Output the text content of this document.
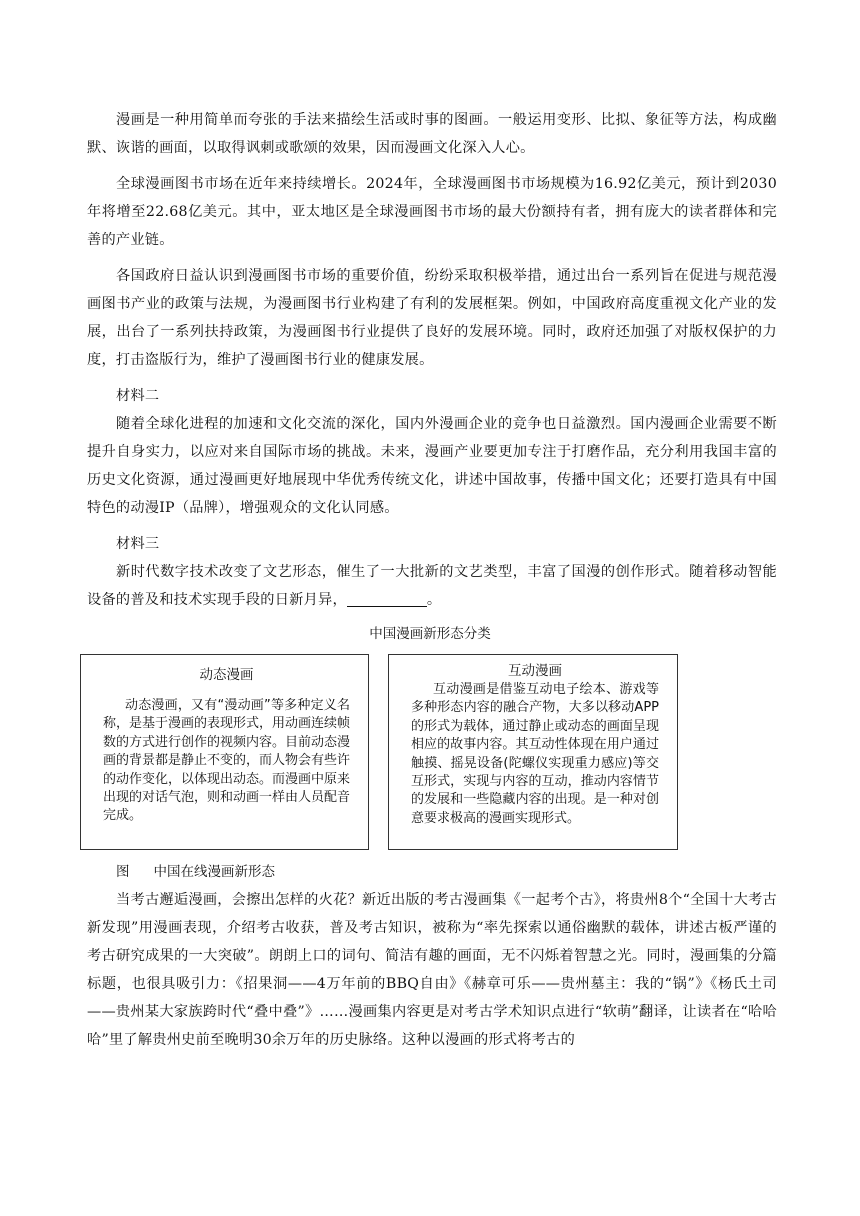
漫画是一种用简单而夸张的手法来描绘生活或时事的图画。一般运用变形、比拟、象征等方法，构成幽默、诙谐的画面，以取得讽刺或歌颂的效果，因而漫画文化深入人心。

全球漫画图书市场在近年来持续增长。2024年，全球漫画图书市场规模为16.92亿美元，预计到2030年将增至22.68亿美元。其中，亚太地区是全球漫画图书市场的最大份额持有者，拥有庞大的读者群体和完善的产业链。

各国政府日益认识到漫画图书市场的重要价值，纷纷采取积极举措，通过出台一系列旨在促进与规范漫画图书产业的政策与法规，为漫画图书行业构建了有利的发展框架。例如，中国政府高度重视文化产业的发展，出台了一系列扶持政策，为漫画图书行业提供了良好的发展环境。同时，政府还加强了对版权保护的力度，打击盗版行为，维护了漫画图书行业的健康发展。

材料二

随着全球化进程的加速和文化交流的深化，国内外漫画企业的竞争也日益激烈。国内漫画企业需要不断提升自身实力，以应对来自国际市场的挑战。未来，漫画产业要更加专注于打磨作品，充分利用我国丰富的历史文化资源，通过漫画更好地展现中华优秀传统文化，讲述中国故事，传播中国文化；还要打造具有中国特色的动漫IP（品牌），增强观众的文化认同感。

材料三

新时代数字技术改变了文艺形态，催生了一大批新的文艺类型，丰富了国漫的创作形式。随着移动智能设备的普及和技术实现手段的日新月异，	。

中国漫画新形态分类
动态漫画
动态漫画，又有“漫动画”等多种定义名称，是基于漫画的表现形式，用动画连续帧数的方式进行创作的视频内容。目前动态漫画的背景都是静止不变的，而人物会有些许的动作变化，以体现出动态。而漫画中原来出现的对话气泡，则和动画一样由人员配音完成。
互动漫画
互动漫画是借鉴互动电子绘本、游戏等多种形态内容的融合产物，大多以移动APP的形式为载体，通过静止或动态的画面呈现相应的故事内容。其互动性体现在用户通过触摸、摇晃设备(陀螺仪实现重力感应)等交互形式，实现与内容的互动，推动内容情节的发展和一些隐藏内容的出现。是一种对创意要求极高的漫画实现形式。
图 中国在线漫画新形态

当考古邂逅漫画，会擦出怎样的火花？新近出版的考古漫画集《一起考个古》，将贵州8个“全国十大考古新发现”用漫画表现，介绍考古收获，普及考古知识，被称为“率先探索以通俗幽默的载体，讲述古板严谨的考古研究成果的一大突破”。朗朗上口的词句、简洁有趣的画面，无不闪烁着智慧之光。同时，漫画集的分篇标题，也很具吸引力：《招果洞——4万年前的BBQ自由》《赫章可乐——贵州墓主：我的“锅”》《杨氏土司——贵州某大家族跨时代“叠中叠”》……漫画集内容更是对考古学术知识点进行“软萌”翻译，让读者在“哈哈哈”里了解贵州史前至晚明30余万年的历史脉络。这种以漫画的形式将考古的
